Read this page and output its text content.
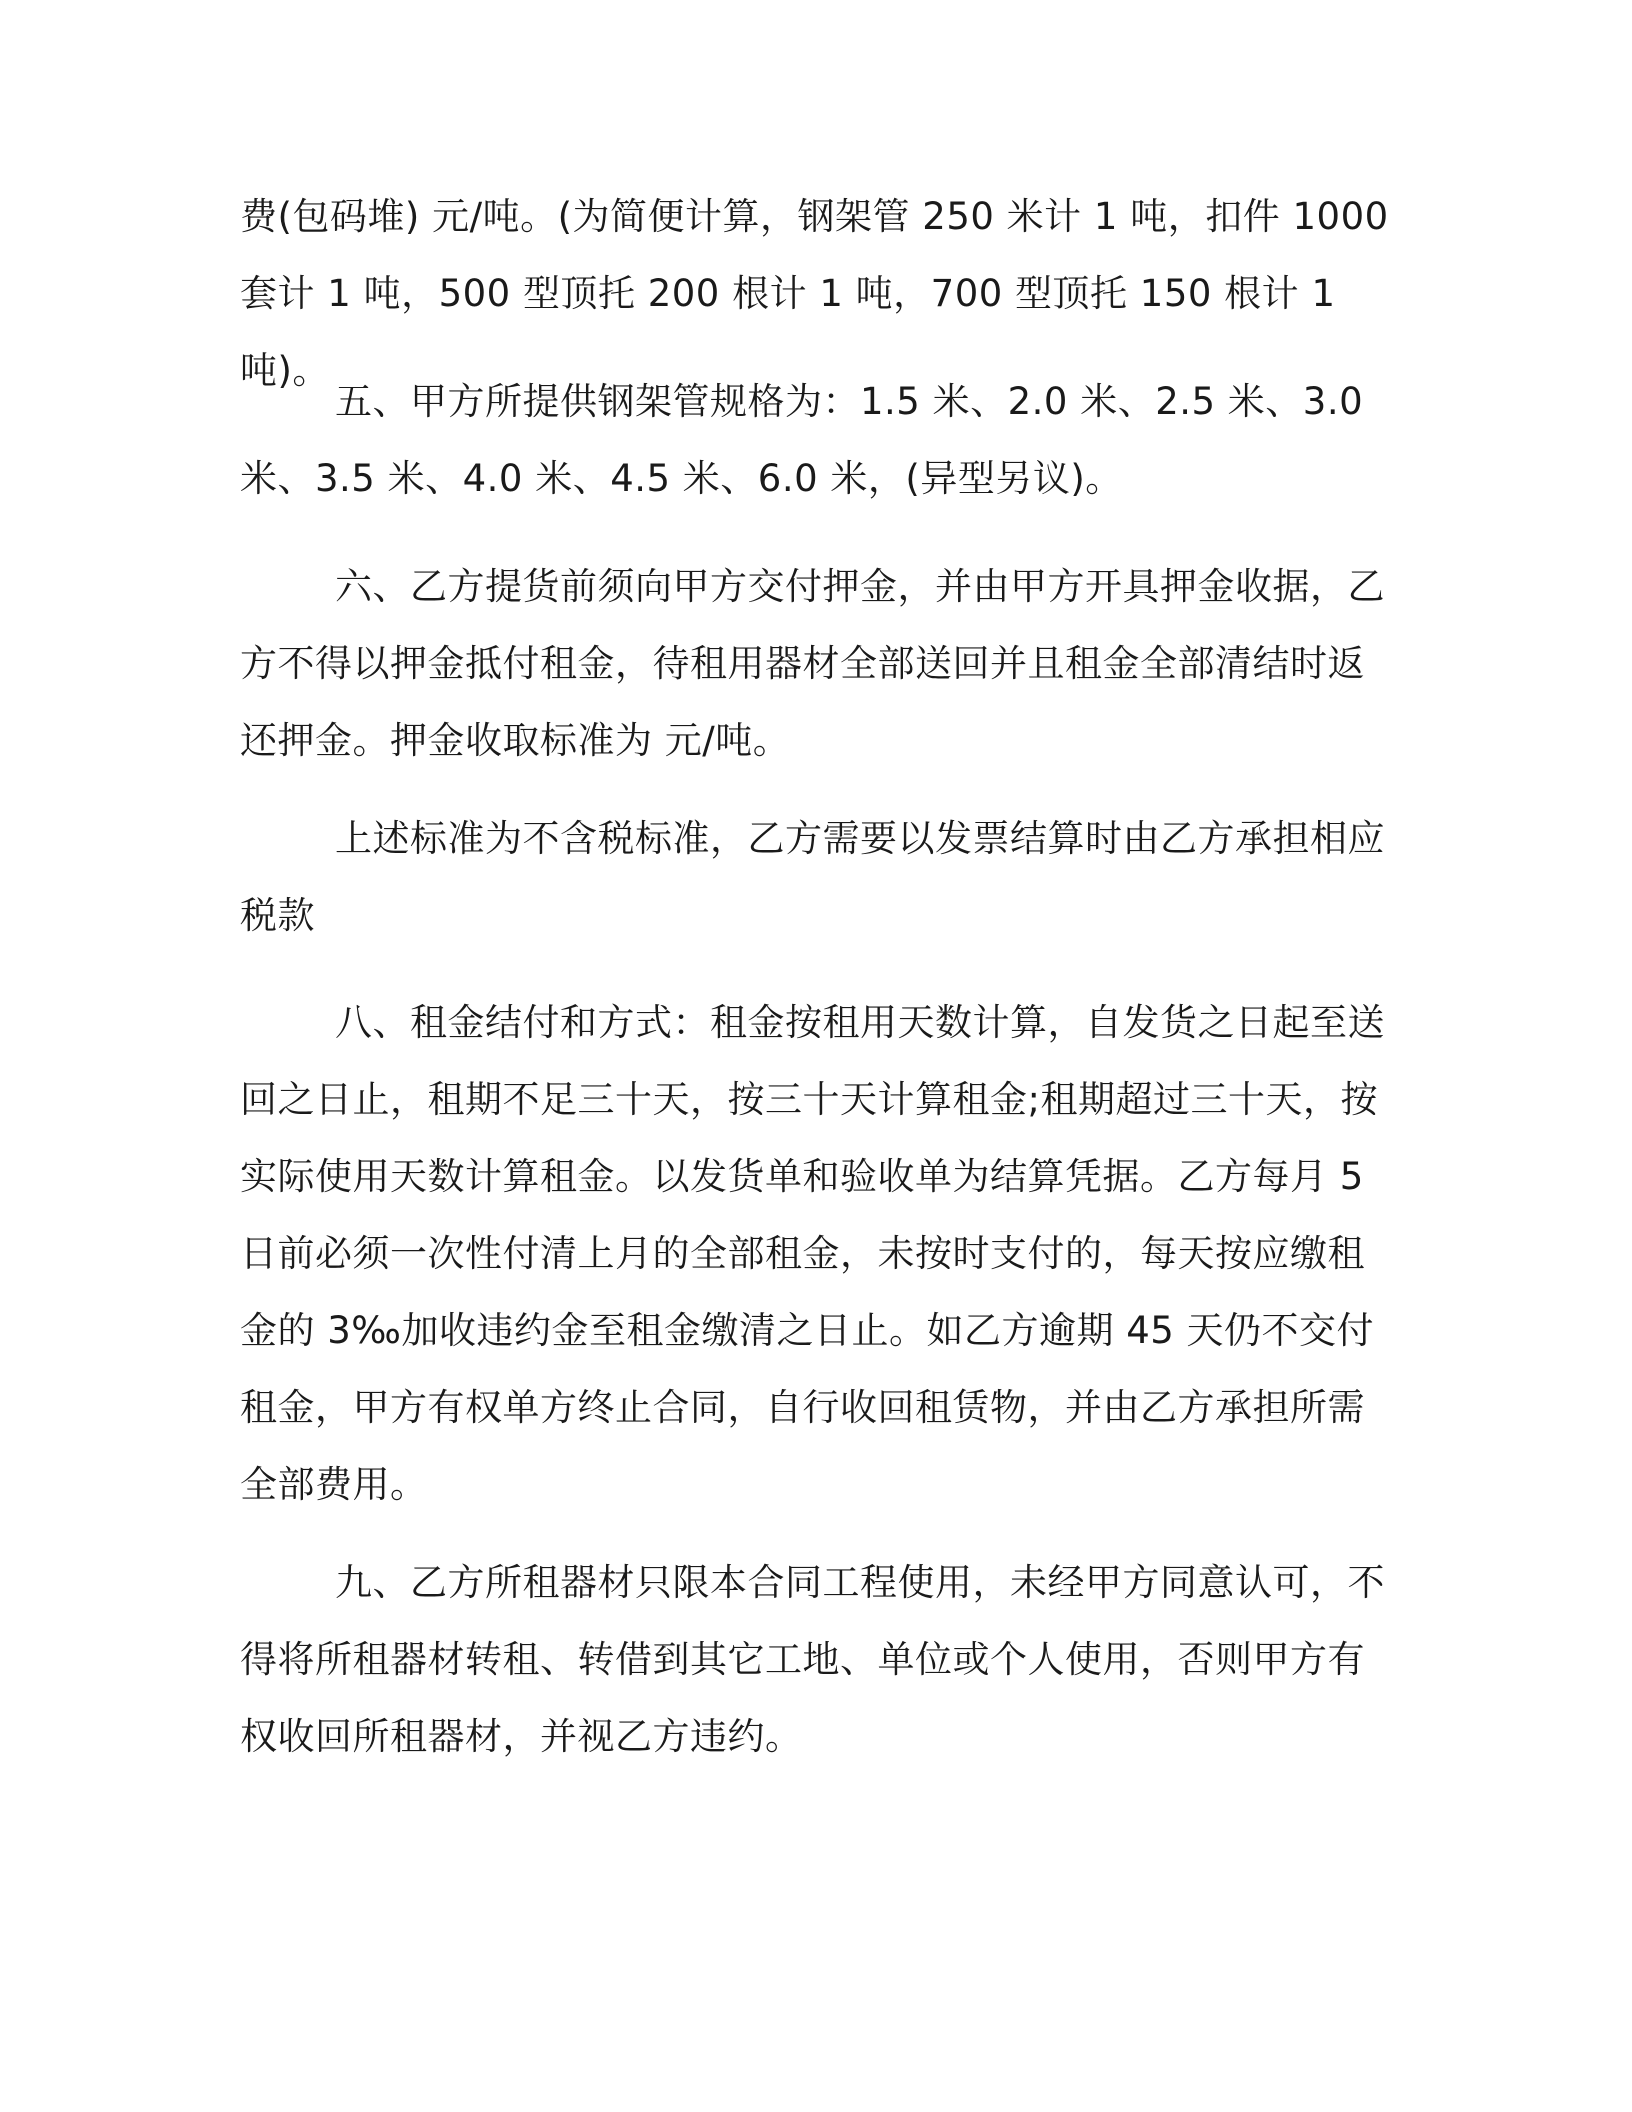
费(包码堆) 元/吨。(为简便计算，钢架管 250 米计 1 吨，扣件 1000 套计 1 吨，500 型顶托 200 根计 1 吨，700 型顶托 150 根计 1 吨)。

五、甲方所提供钢架管规格为：1.5 米、2.0 米、2.5 米、3.0 米、3.5 米、4.0 米、4.5 米、6.0 米，(异型另议)。

六、乙方提货前须向甲方交付押金，并由甲方开具押金收据，乙方不得以押金抵付租金，待租用器材全部送回并且租金全部清结时返还押金。押金收取标准为 元/吨。

上述标准为不含税标准，乙方需要以发票结算时由乙方承担相应税款

八、租金结付和方式：租金按租用天数计算，自发货之日起至送回之日止，租期不足三十天，按三十天计算租金;租期超过三十天，按实际使用天数计算租金。以发货单和验收单为结算凭据。乙方每月 5 日前必须一次性付清上月的全部租金，未按时支付的，每天按应缴租金的 3‰加收违约金至租金缴清之日止。如乙方逾期 45 天仍不交付租金，甲方有权单方终止合同，自行收回租赁物，并由乙方承担所需全部费用。

九、乙方所租器材只限本合同工程使用，未经甲方同意认可，不得将所租器材转租、转借到其它工地、单位或个人使用，否则甲方有权收回所租器材，并视乙方违约。
